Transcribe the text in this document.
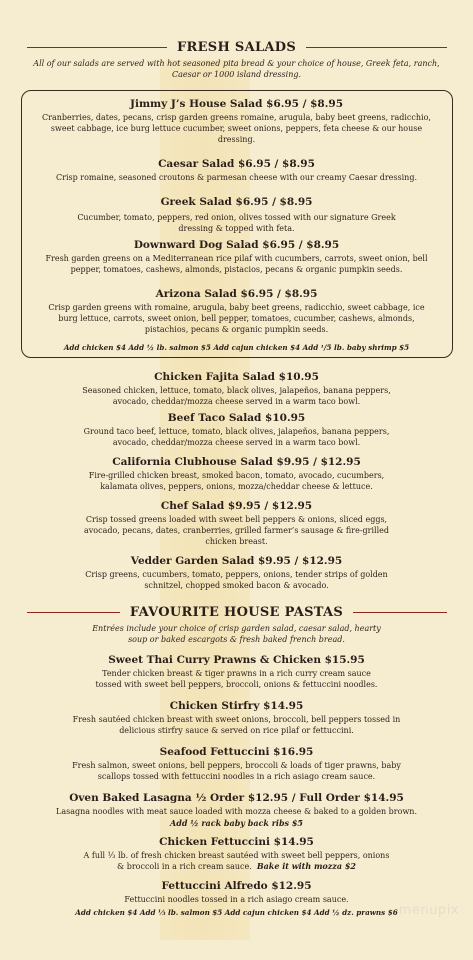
FRESH SALADS
All of our salads are served with hot seasoned pita bread & your choice of house, Greek feta, ranch, Caesar or 1000 island dressing.
Jimmy J’s House Salad $6.95 / $8.95
Cranberries, dates, pecans, crisp garden greens romaine, arugula, baby beet greens, radicchio, sweet cabbage, ice burg lettuce cucumber, sweet onions, peppers, feta cheese & our house dressing.
Caesar Salad $6.95 / $8.95
Crisp romaine, seasoned croutons & parmesan cheese with our creamy Caesar dressing.
Greek Salad $6.95 / $8.95
Cucumber, tomato, peppers, red onion, olives tossed with our signature Greek dressing & topped with feta.
Downward Dog Salad $6.95 / $8.95
Fresh garden greens on a Mediterranean rice pilaf with cucumbers, carrots, sweet onion, bell pepper, tomatoes, cashews, almonds, pistacios, pecans & organic pumpkin seeds.
Arizona Salad $6.95 / $8.95
Crisp garden greens with romaine, arugula, baby beet greens, radicchio, sweet cabbage, ice burg lettuce, carrots, sweet onion, bell pepper, tomatoes, cucumber, cashews, almonds, pistachios, pecans & organic pumpkin seeds.
Add chicken $4 Add ½ lb. salmon $5 Add cajun chicken $4 Add ¹/5 lb. baby shrimp $5
Chicken Fajita Salad $10.95
Seasoned chicken, lettuce, tomato, black olives, jalapeños, banana peppers, avocado, cheddar/mozza cheese served in a warm taco bowl.
Beef Taco Salad $10.95
Ground taco beef, lettuce, tomato, black olives, jalapeños, banana peppers, avocado, cheddar/mozza cheese served in a warm taco bowl.
California Clubhouse Salad $9.95 / $12.95
Fire-grilled chicken breast, smoked bacon, tomato, avocado, cucumbers, kalamata olives, peppers, onions, mozza/cheddar cheese & lettuce.
Chef Salad $9.95 / $12.95
Crisp tossed greens loaded with sweet bell peppers & onions, sliced eggs, avocado, pecans, dates, cranberries, grilled farmer’s sausage & fire-grilled chicken breast.
Vedder Garden Salad $9.95 / $12.95
Crisp greens, cucumbers, tomato, peppers, onions, tender strips of golden schnitzel, chopped smoked bacon & avocado.
FAVOURITE HOUSE PASTAS
Entrées include your choice of crisp garden salad, caesar salad, hearty soup or baked escargots & fresh baked french bread.
Sweet Thai Curry Prawns & Chicken $15.95
Tender chicken breast & tiger prawns in a rich curry cream sauce tossed with sweet bell peppers, broccoli, onions & fettuccini noodles.
Chicken Stirfry $14.95
Fresh sautéed chicken breast with sweet onions, broccoli, bell peppers tossed in delicious stirfry sauce & served on rice pilaf or fettuccini.
Seafood Fettuccini $16.95
Fresh salmon, sweet onions, bell peppers, broccoli & loads of tiger prawns, baby scallops tossed with fettuccini noodles in a rich asiago cream sauce.
Oven Baked Lasagna ½ Order $12.95 / Full Order $14.95
Lasagna noodles with meat sauce loaded with mozza cheese & baked to a golden brown.
Add ½ rack baby back ribs $5
Chicken Fettuccini $14.95
A full ⅓ lb. of fresh chicken breast sautéed with sweet bell peppers, onions & broccoli in a rich cream sauce. Bake it with mozza $2
Fettuccini Alfredo $12.95
Fettuccini noodles tossed in a rich asiago cream sauce.
Add chicken $4 Add ⅓ lb. salmon $5 Add cajun chicken $4 Add ½ dz. prawns $6 menupix
